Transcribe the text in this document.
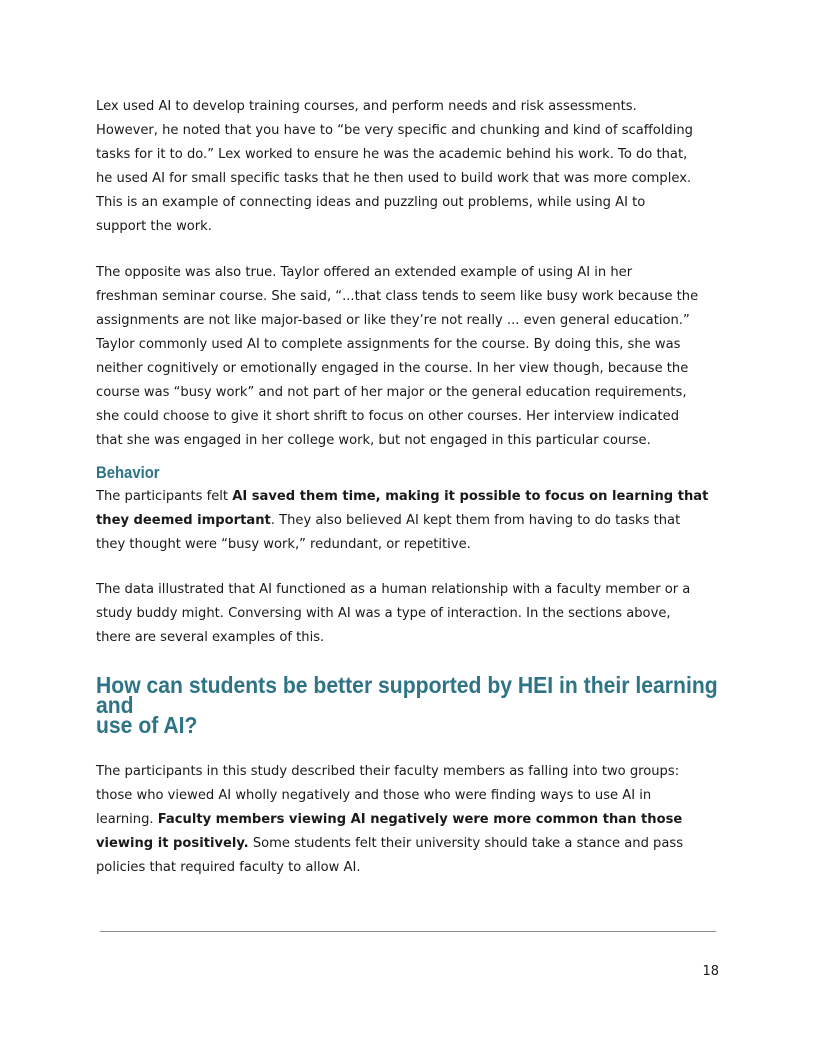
Lex used AI to develop training courses, and perform needs and risk assessments.
However, he noted that you have to “be very specific and chunking and kind of scaffolding
tasks for it to do.” Lex worked to ensure he was the academic behind his work. To do that,
he used AI for small specific tasks that he then used to build work that was more complex.
This is an example of connecting ideas and puzzling out problems, while using AI to
support the work.

The opposite was also true. Taylor offered an extended example of using AI in her
freshman seminar course. She said, “...that class tends to seem like busy work because the
assignments are not like major-based or like they’re not really ... even general education.”
Taylor commonly used AI to complete assignments for the course. By doing this, she was
neither cognitively or emotionally engaged in the course. In her view though, because the
course was “busy work” and not part of her major or the general education requirements,
she could choose to give it short shrift to focus on other courses. Her interview indicated
that she was engaged in her college work, but not engaged in this particular course.

Behavior

The participants felt AI saved them time, making it possible to focus on learning that
they deemed important. They also believed AI kept them from having to do tasks that
they thought were “busy work,” redundant, or repetitive.

The data illustrated that AI functioned as a human relationship with a faculty member or a
study buddy might. Conversing with AI was a type of interaction. In the sections above,
there are several examples of this.

How can students be better supported by HEI in their learning and
use of AI?

The participants in this study described their faculty members as falling into two groups:
those who viewed AI wholly negatively and those who were finding ways to use AI in
learning. Faculty members viewing AI negatively were more common than those
viewing it positively. Some students felt their university should take a stance and pass
policies that required faculty to allow AI.

18
